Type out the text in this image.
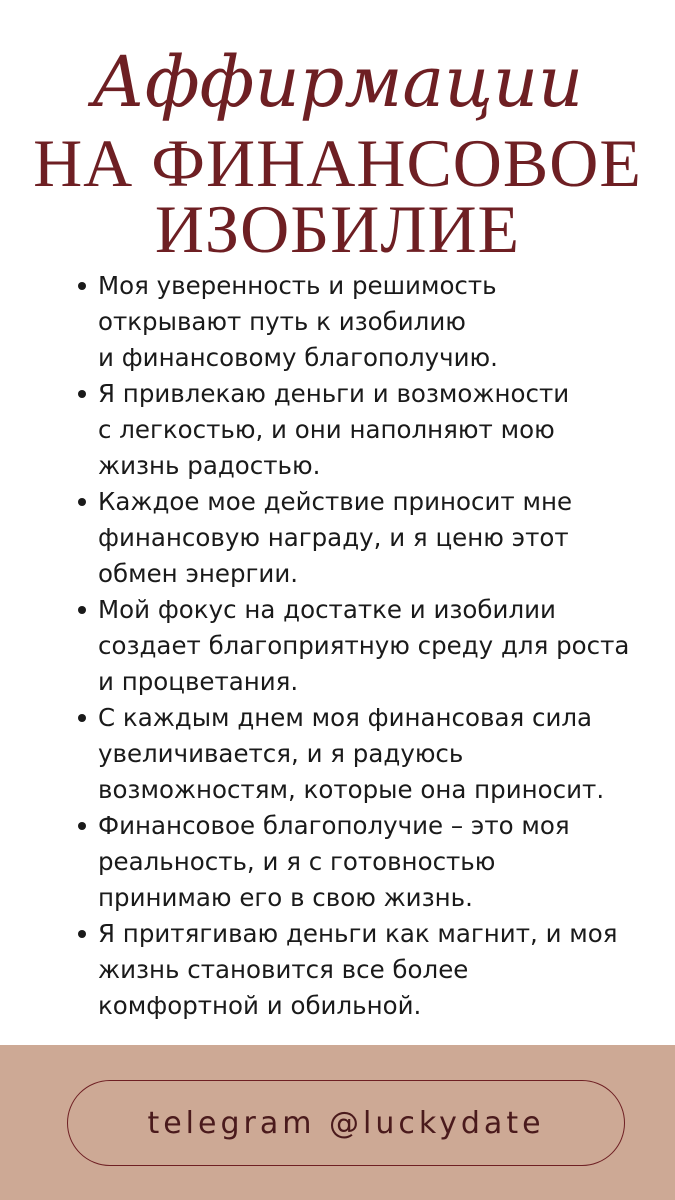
Аффирмации
НА ФИНАНСОВОЕ
ИЗОБИЛИЕ
Моя уверенность и решимость
открывают путь к изобилию
и финансовому благополучию.
Я привлекаю деньги и возможности
с легкостью, и они наполняют мою
жизнь радостью.
Каждое мое действие приносит мне
финансовую награду, и я ценю этот
обмен энергии.
Мой фокус на достатке и изобилии
создает благоприятную среду для роста
и процветания.
С каждым днем моя финансовая сила
увеличивается, и я радуюсь
возможностям, которые она приносит.
Финансовое благополучие – это моя
реальность, и я с готовностью
принимаю его в свою жизнь.
Я притягиваю деньги как магнит, и моя
жизнь становится все более
комфортной и обильной.
telegram @luckydate
